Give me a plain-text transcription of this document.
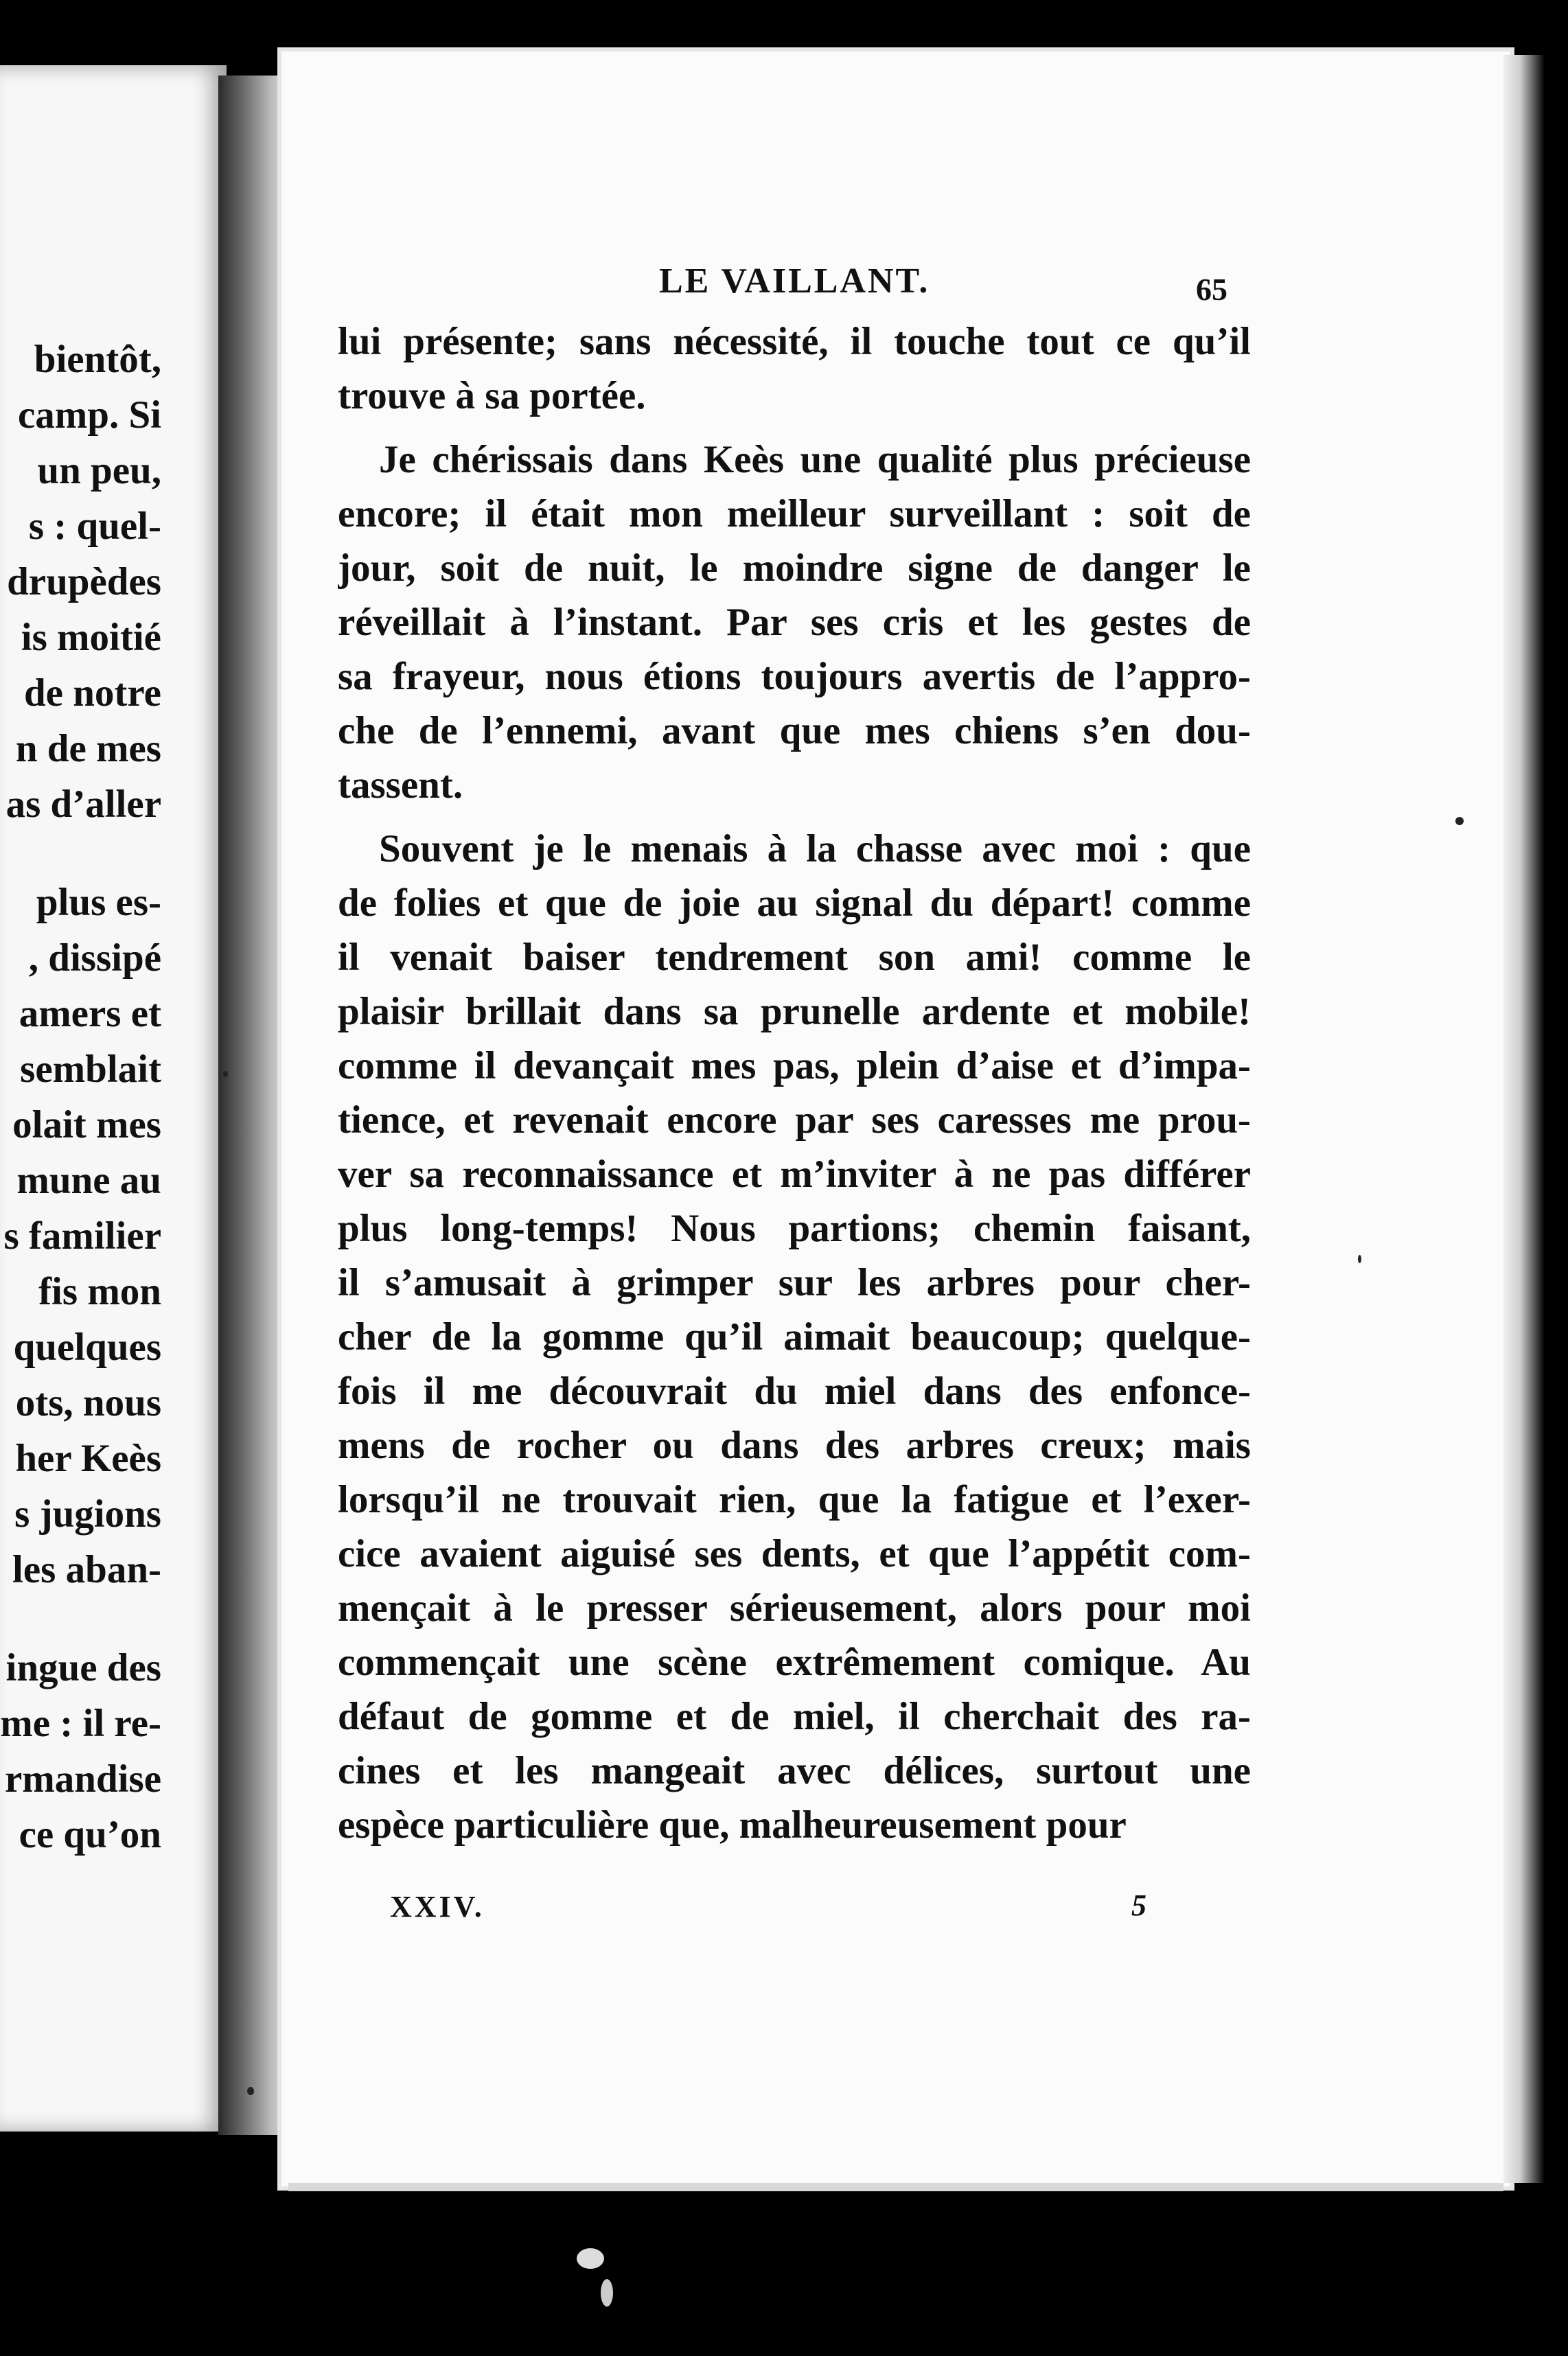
bientôt,
camp. Si
un peu,
s : quel-
drupèdes
is moitié
de notre
n de mes
as d’aller
plus es-
, dissipé
amers et
semblait
olait mes
mune au
s familier
fis mon
quelques
ots, nous
her Keès
s jugions
les aban-
ingue des
me : il re-
rmandise
ce qu’on
LE VAILLANT.	65
lui présente; sans nécessité, il touche tout ce qu’il
trouve à sa portée.
Je chérissais dans Keès une qualité plus précieuse
encore; il était mon meilleur surveillant : soit de
jour, soit de nuit, le moindre signe de danger le
réveillait à l’instant. Par ses cris et les gestes de
sa frayeur, nous étions toujours avertis de l’appro-
che de l’ennemi, avant que mes chiens s’en dou-
tassent.
Souvent je le menais à la chasse avec moi : que
de folies et que de joie au signal du départ! comme
il venait baiser tendrement son ami! comme le
plaisir brillait dans sa prunelle ardente et mobile!
comme il devançait mes pas, plein d’aise et d’impa-
tience, et revenait encore par ses caresses me prou-
ver sa reconnaissance et m’inviter à ne pas différer
plus long-temps! Nous partions; chemin faisant,
il s’amusait à grimper sur les arbres pour cher-
cher de la gomme qu’il aimait beaucoup; quelque-
fois il me découvrait du miel dans des enfonce-
mens de rocher ou dans des arbres creux; mais
lorsqu’il ne trouvait rien, que la fatigue et l’exer-
cice avaient aiguisé ses dents, et que l’appétit com-
mençait à le presser sérieusement, alors pour moi
commençait une scène extrêmement comique. Au
défaut de gomme et de miel, il cherchait des ra-
cines et les mangeait avec délices, surtout une
espèce particulière que, malheureusement pour
XXIV.	5
